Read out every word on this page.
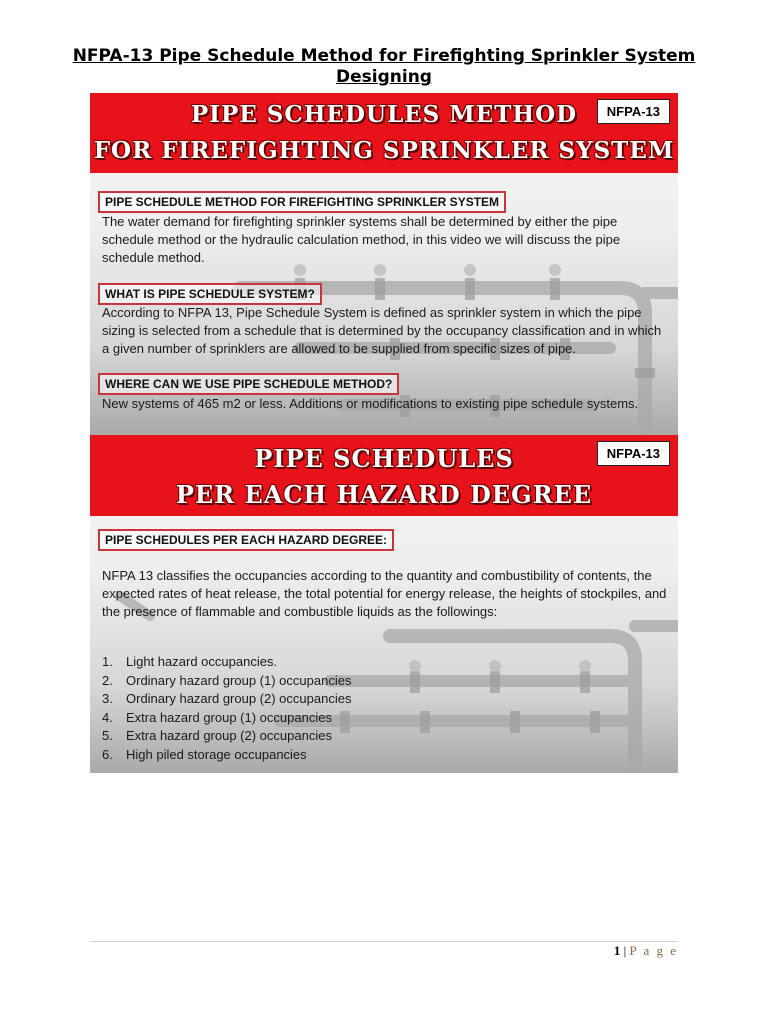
NFPA-13 Pipe Schedule Method for Firefighting Sprinkler System Designing
PIPE SCHEDULES METHOD
FOR FIREFIGHTING SPRINKLER SYSTEM
NFPA-13
PIPE SCHEDULE METHOD FOR FIREFIGHTING SPRINKLER SYSTEM
The water demand for firefighting sprinkler systems shall be determined by either the pipe schedule method or the hydraulic calculation method, in this video we will discuss the pipe schedule method.
WHAT IS PIPE SCHEDULE SYSTEM?
According to NFPA 13, Pipe Schedule System is defined as sprinkler system in which the pipe sizing is selected from a schedule that is determined by the occupancy classification and in which a given number of sprinklers are allowed to be supplied from specific sizes of pipe.
WHERE CAN WE USE PIPE SCHEDULE METHOD?
New systems of 465 m2 or less. Additions or modifications to existing pipe schedule systems.
PIPE SCHEDULES
PER EACH HAZARD DEGREE
NFPA-13
PIPE SCHEDULES PER EACH HAZARD DEGREE:
NFPA 13 classifies the occupancies according to the quantity and combustibility of contents, the expected rates of heat release, the total potential for energy release, the heights of stockpiles, and the presence of flammable and combustible liquids as the followings:
1.	Light hazard occupancies.
2.	Ordinary hazard group (1) occupancies
3.	Ordinary hazard group (2) occupancies
4.	Extra hazard group (1) occupancies
5.	Extra hazard group (2) occupancies
6.	High piled storage occupancies
1 | P a g e
